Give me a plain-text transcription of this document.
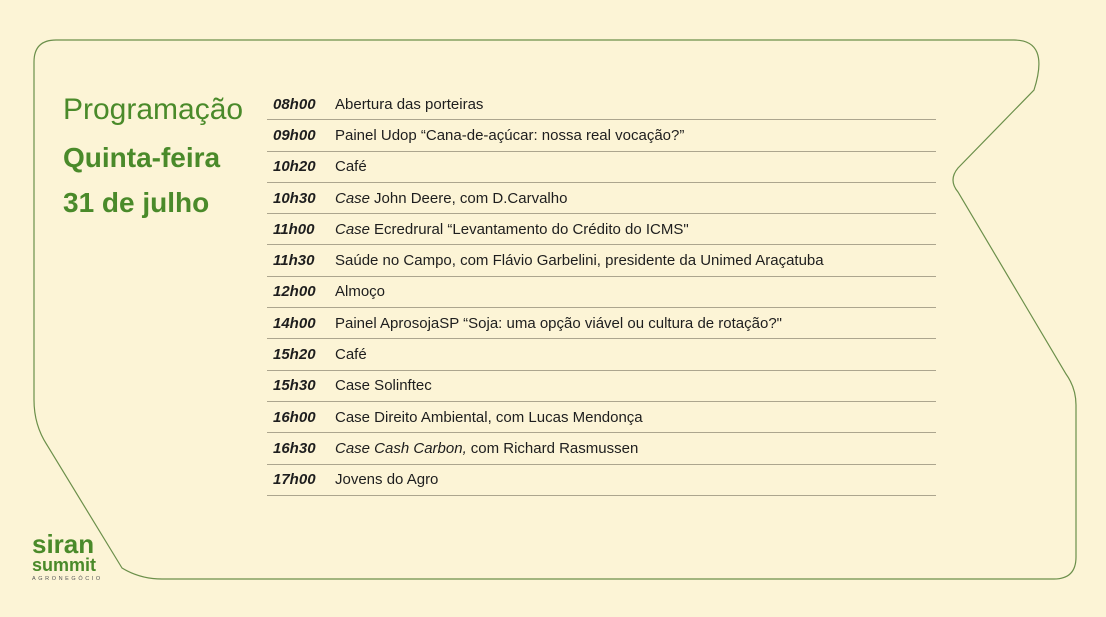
Programação
Quinta-feira
31 de julho
08h00	Abertura das porteiras
09h00	Painel Udop “Cana-de-açúcar: nossa real vocação?”
10h20	Café
10h30	Case John Deere, com D.Carvalho
11h00	Case Ecredrural “Levantamento do Crédito do ICMS"
11h30	Saúde no Campo, com Flávio Garbelini, presidente da Unimed Araçatuba
12h00	Almoço
14h00	Painel AprosojaSP “Soja: uma opção viável ou cultura de rotação?"
15h20	Café
15h30	Case Solinftec
16h00	Case Direito Ambiental, com Lucas Mendonça
16h30	Case Cash Carbon, com Richard Rasmussen
17h00	Jovens do Agro
siran
summit
AGRONEGÓCIO
